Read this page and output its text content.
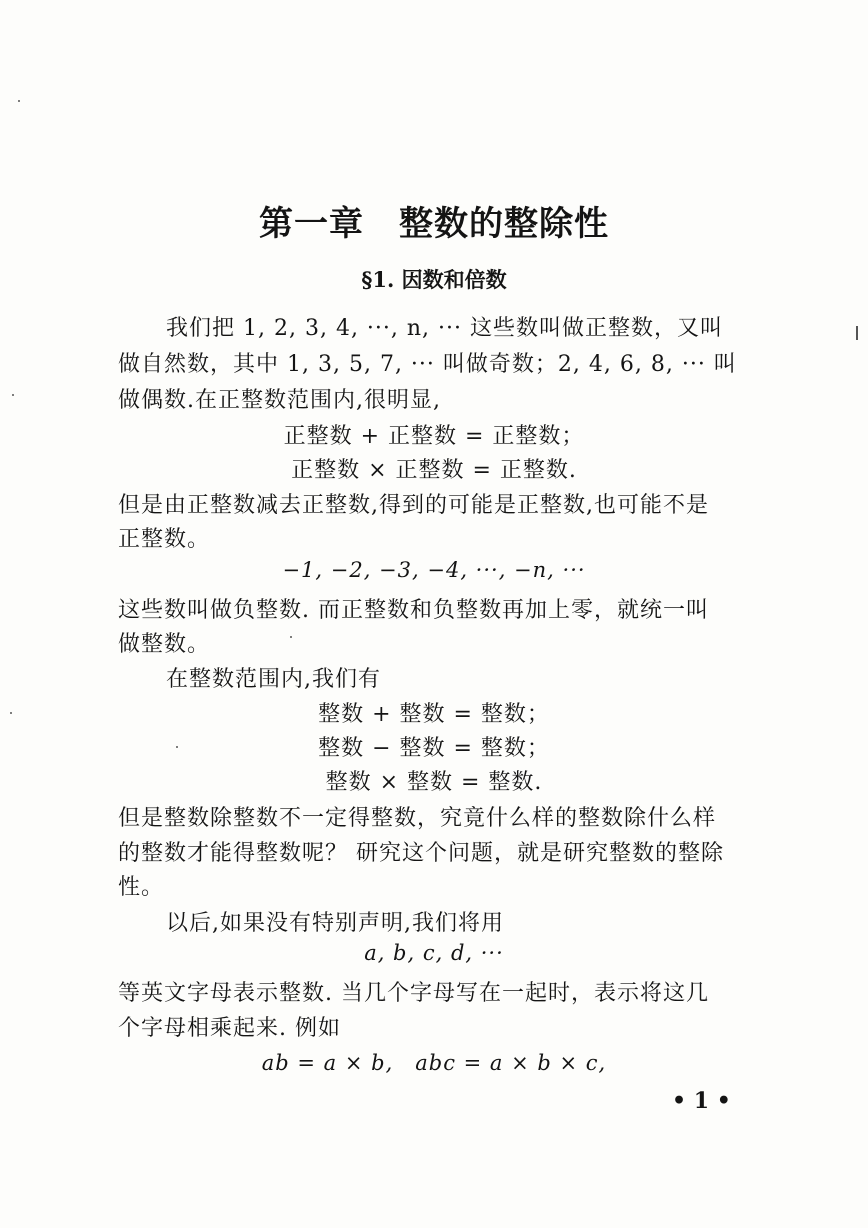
第一章　整数的整除性
§1. 因数和倍数

我们把 1, 2, 3, 4, ···, n, ··· 这些数叫做正整数，又叫

做自然数，其中 1, 3, 5, 7, ··· 叫做奇数；2, 4, 6, 8, ··· 叫

做偶数.在正整数范围内,很明显,

正整数 + 正整数 = 正整数；

正整数 × 正整数 = 正整数.

但是由正整数减去正整数,得到的可能是正整数,也可能不是

正整数。

−1, −2, −3, −4, ···, −n, ···

这些数叫做负整数. 而正整数和负整数再加上零，就统一叫

做整数。

在整数范围内,我们有

整数 + 整数 = 整数；

整数 − 整数 = 整数；

整数 × 整数 = 整数.

但是整数除整数不一定得整数，究竟什么样的整数除什么样

的整数才能得整数呢？ 研究这个问题，就是研究整数的整除

性。

以后,如果没有特别声明,我们将用

a, b, c, d, ···

等英文字母表示整数. 当几个字母写在一起时，表示将这几

个字母相乘起来. 例如

ab = a × b,　abc = a × b × c,

• 1 •
